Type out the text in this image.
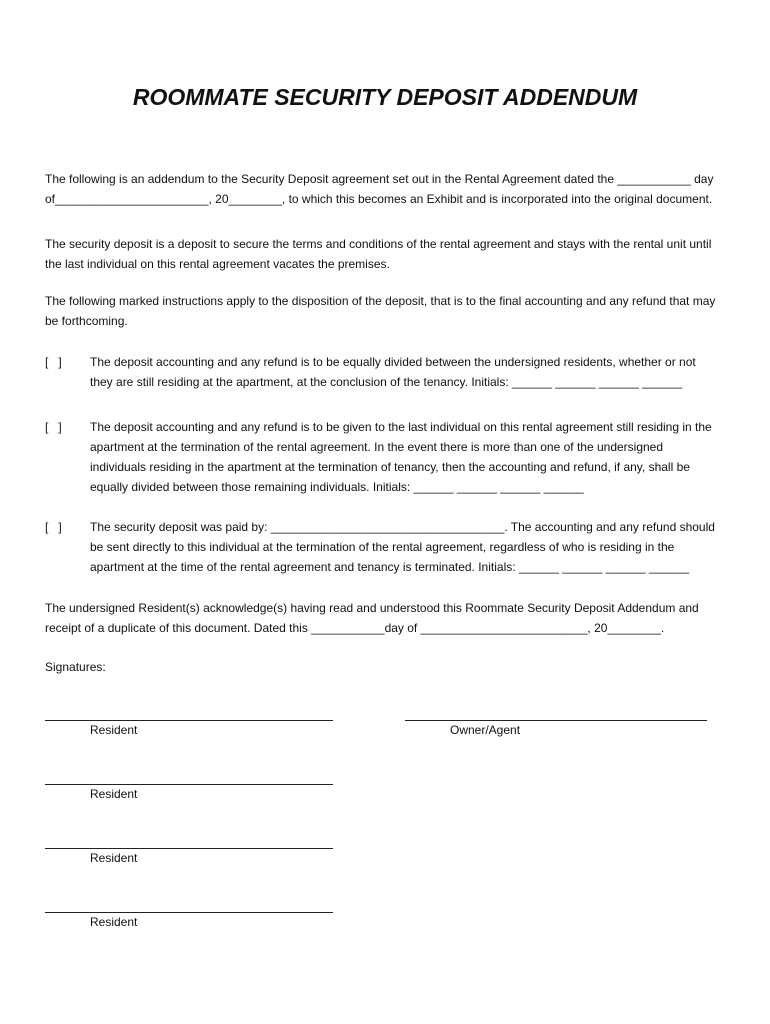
ROOMMATE SECURITY DEPOSIT ADDENDUM
The following is an addendum to the Security Deposit agreement set out in the Rental Agreement dated the ___________ day
of_______________________, 20________, to which this becomes an Exhibit and is incorporated into the original document.
The security deposit is a deposit to secure the terms and conditions of the rental agreement and stays with the rental unit until
the last individual on this rental agreement vacates the premises.
The following marked instructions apply to the disposition of the deposit, that is to the final accounting and any refund that may
be forthcoming.
[   ] The deposit accounting and any refund is to be equally divided between the undersigned residents, whether or not
they are still residing at the apartment, at the conclusion of the tenancy. Initials: ______ ______ ______ ______
[   ] The deposit accounting and any refund is to be given to the last individual on this rental agreement still residing in the
apartment at the termination of the rental agreement. In the event there is more than one of the undersigned
individuals residing in the apartment at the termination of tenancy, then the accounting and refund, if any, shall be
equally divided between those remaining individuals. Initials: ______ ______ ______ ______
[   ] The security deposit was paid by: ___________________________________. The accounting and any refund should
be sent directly to this individual at the termination of the rental agreement, regardless of who is residing in the
apartment at the time of the rental agreement and tenancy is terminated. Initials: ______ ______ ______ ______
The undersigned Resident(s) acknowledge(s) having read and understood this Roommate Security Deposit Addendum and
receipt of a duplicate of this document. Dated this ___________day of _________________________, 20________.
Signatures:
Resident	Owner/Agent
Resident
Resident
Resident
